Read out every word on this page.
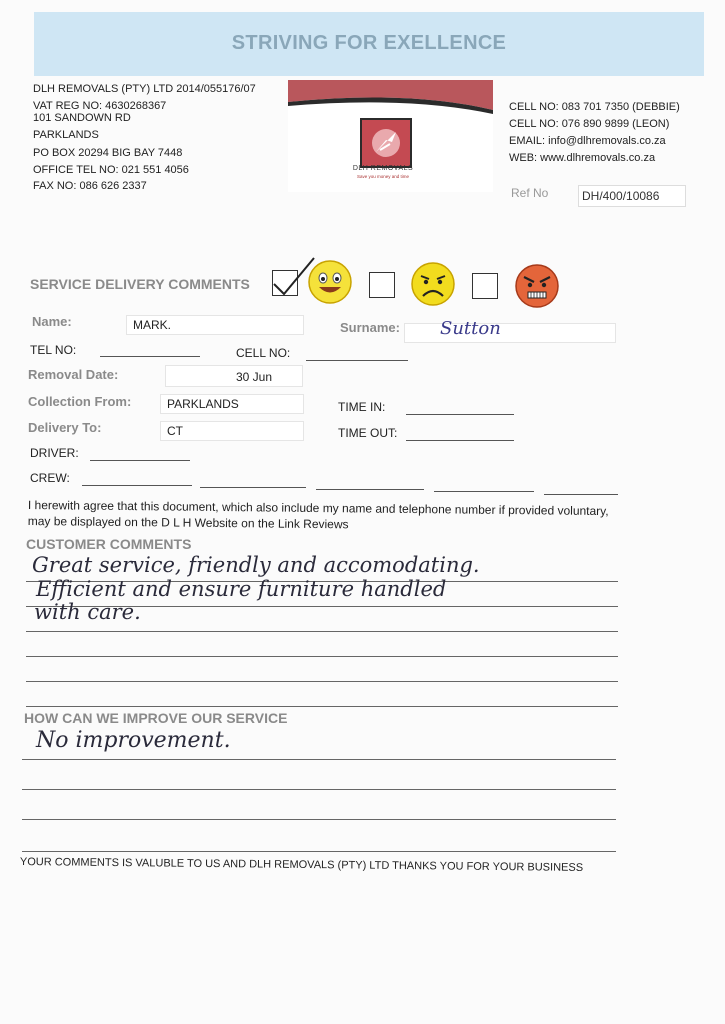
STRIVING FOR EXELLENCE
DLH REMOVALS (PTY) LTD 2014/055176/07
VAT REG NO: 4630268367
101 SANDOWN RD
PARKLANDS
PO BOX 20294 BIG BAY 7448
OFFICE TEL NO: 021 551 4056
FAX NO: 086 626 2337
DLH REMOVALS
Save you money and time
CELL NO: 083 701 7350 (DEBBIE)
CELL NO: 076 890 9899 (LEON)
EMAIL: info@dlhremovals.co.za
WEB: www.dlhremovals.co.za
Ref No	DH/400/10086
SERVICE DELIVERY COMMENTS
Name:	MARK.	Surname: Sutton
TEL NO:	CELL NO:
Removal Date:	30 Jun
Collection From:	PARKLANDS	TIME IN:
Delivery To:	CT	TIME OUT:
DRIVER:
CREW:
I herewith agree that this document, which also include my name and telephone number if provided voluntary,
may be displayed on the D L H Website on the Link Reviews
CUSTOMER COMMENTS
Great service, friendly and accomodating.
Efficient and ensure furniture handled
with care.
HOW CAN WE IMPROVE OUR SERVICE
No improvement.
YOUR COMMENTS IS VALUBLE TO US AND DLH REMOVALS (PTY) LTD THANKS YOU FOR YOUR BUSINESS
